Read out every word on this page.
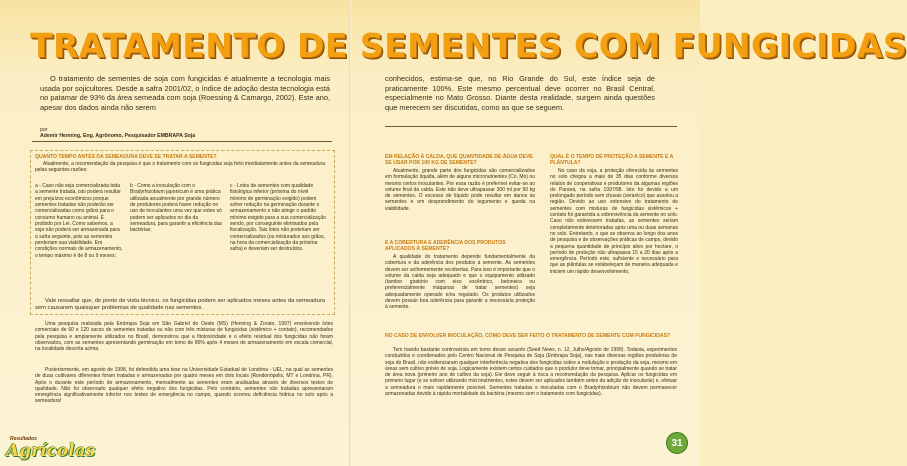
TRATAMENTO DE SEMENTES COM FUNGICIDAS

O tratamento de sementes de soja com fungicidas é atualmente a tecnologia mais usada por sojicultores. Desde a safra 2001/02, o índice de adoção desta tecnologia está no patamar de 93% da área semeada com soja (Roessing & Camargo, 2002). Este ano, apesar dos dados ainda não serem

conhecidos, estima-se que, no Rio Grande do Sul, este índice seja de praticamente 100%. Este mesmo percentual deve ocorrer no Brasil Central, especialmente no Mato Grosso. Diante desta realidade, surgem ainda questões que merecem ser discutidas, como as que se seguem.

por
Ademir Henning, Eng. Agrônomo, Pesquisador EMBRAPA Soja
QUANTO TEMPO ANTES DA SEMEADURA DEVE SE TRATAR A SEMENTE?

Atualmente, a recomendação da pesquisa é que o tratamento com os fungicidas seja feito imediatamente antes da semeadura pelas seguintes razões:

a - Caso não seja comercializada toda a semente tratada, isto poderá resultar em prejuízos econômicos porque sementes tratadas não poderão ser comercializadas como grãos para o consumo humano ou animal. É proibido por Lei. Como sabemos, a soja não poderá ser armazenada para a safra seguinte, pois as sementes perderiam sua viabilidade. Em condições normais de armazenamento, o tempo máximo é de 8 ou 9 meses;

b - Como a inoculação com o Bradyrhizobium japonicum é uma prática utilizada anualmente por grande número de produtores poderá haver redução no uso de inoculantes uma vez que estes só podem ser aplicados no dia da semeadura, para garantir a eficiência das bactérias;

c - Lotes de sementes com qualidade fisiológica inferior (próxima do nível mínimo de germinação exigido) podem sofrer redução na germinação durante o armazenamento e não atingir o padrão mínimo exigido para a sua comercialização sendo, por conseguinte eliminados pela fiscalização. Tais lotes não poderiam ser comercializados (ou misturados aos grãos, na hora da comercialização da próxima safra) e deveriam ser destruídos.

Vale ressaltar que, do ponto de vista técnico, os fungicidas podem ser aplicados meses antes da semeadura sem causarem quaisquer problemas de qualidade nas sementes.

Uma pesquisa realizada pela Embrapa Soja em São Gabriel do Oeste (MS) (Henning & Zorato, 1997) envolvendo lotes comerciais de 60 e 120 sacos de sementes tratadas ou não com três misturas de fungicidas (sistêmico + contato), recomendados pela pesquisa e amplamente utilizados no Brasil, demonstrou que a fitotoxicidade e o efeito residual dos fungicidas não foram observados, com as sementes apresentando germinação em torno de 86% após 4 meses de armazenamento em escala comercial, na localidade descrita acima.

Posteriormente, em agosto de 1998, foi defendida uma tese na Universidade Estadual de Londrina - UEL, na qual as sementes de duas cultivares diferentes foram tratadas e armazenadas por quatro meses em dois locais (Rondonópolis, MT e Londrina, PR). Após o durante este período de armazenamento, mensalmente as sementes eram analisadas através de diversos testes de qualidade. Não foi observado qualquer efeito negativo dos fungicidas. Pelo contrário, sementes não tratadas apresentaram emergência significativamente inferior nos testes de emergência no campo, quando ocorreu deficiência hídrica no solo após a semeadura!

EM RELAÇÃO À CALDA, QUE QUANTIDADE DE ÁGUA DEVE SE USAR POR 100 KG DE SEMENTE?

Atualmente, grande parte dos fungicidas são comercializados em formulação líquida, além de alguns micronutrientes (Co, Mo) ou mesmo certos inoculantes. Por essa razão é preferível evitar-se ao volume final da calda. Este não deve ultrapassar 300 ml por 50 kg de sementes. O excesso de líquido pode resultar em danos às sementes e em desprendimento do tegumento e queda na viabilidade.

E A COBERTURA E ADERÊNCIA DOS PRODUTOS APLICADOS À SEMENTE?

A qualidade do tratamento depende fundamentalmente da cobertura e da aderência dos produtos à semente. As sementes devem ser uniformemente recobertas. Para isso é importante que o volume da calda seja adequado e que o equipamento utilizado (tambor giratório com eixo excêntrico, betoneira ou preferencialmente máquinas de tratar sementes) seja adequadamente operado e/ou regulado. Os produtos utilizados devem possuir boa aderência para garantir a necessária proteção à semente.

QUAL É O TEMPO DE PROTEÇÃO A SEMENTE E A PLÂNTULA?

No caso da soja, a proteção oferecida às sementes no solo chegou a mais de 35 dias conforme diversos relatos de cooperativas e produtores da algumas regiões do Paraná, na safra 1997/98. Isto foi devido a um prolongado período sem chuvas (veranico) que assolou a região. Devido ao uso extensivo do tratamento de sementes com misturas de fungicidas sistêmicos + contato foi garantida a sobrevivência da semente no solo. Caso não estivessem tratadas, as sementes seriam completamente deterioradas após uma ou duas semanas no solo. Entretanto, o que se observa ao longo dos anos de pesquisa e de observações práticas de campo, devido a pequena quantidade de princípio ativo por hectare, o período de proteção não ultrapassa 15 a 20 dias após a emergência. Período este, suficiente e necessário para que as plântulas se estabeleçam de maneira adequada e iniciem um rápido desenvolvimento.

NO CASO DE ENVOLVER INOCULAÇÃO, COMO DEVE SER FEITO O TRATAMENTO DE SEMENTE COM FUNGICIDAS?

Tem havido bastante controvérsia em torno desse assunto (Seed News, n. 12, Julho/Agosto de 1999). Todavia, experimentos conduzidos e coordenados pelo Centro Nacional de Pesquisa de Soja (Embrapa Soja), nas mais diversas regiões produtoras de soja do Brasil, não evidenciaram qualquer interferência negativa dos fungicidas sobre a nodulação e produção da soja, mesmo em áreas sem cultivo prévio de soja. Logicamente existem certos cuidados que o produtor deve tomar, principalmente quando se tratar de área nova (primeiro ano de cultivo da soja). Ele deve seguir à risca a recomendação da pesquisa. Aplicar os fungicidas em primeiro lugar (e se estiver utilizando micronutrientes, estes devem ser aplicados também antes da adição do inoculante) e, efetuar a semeadura o mais rapidamente possível. Sementes tratadas e inoculadas com o Bradyrhizobium não devem permanecer armazenadas devido à rápida mortalidade da bactéria (mesmo sem o tratamento com fungicidas).

Resultados
Agrícolas	31
